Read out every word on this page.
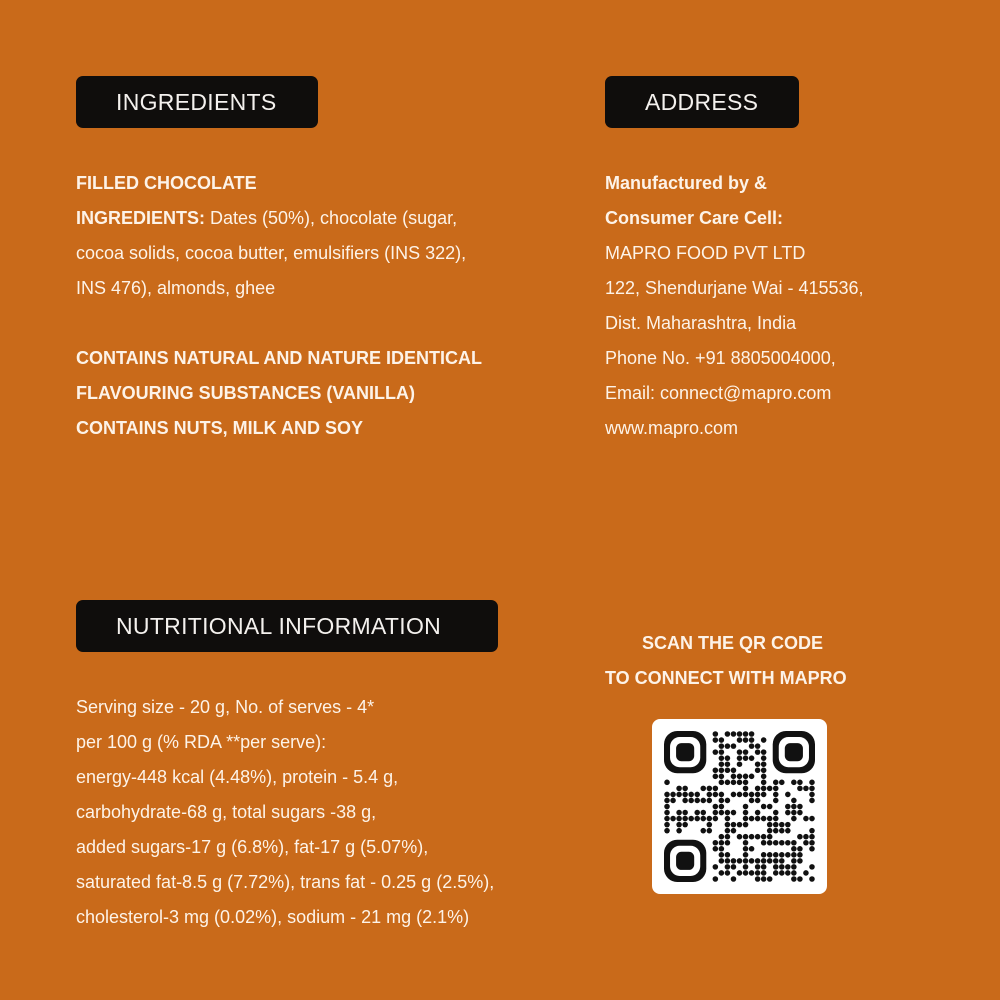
INGREDIENTS
FILLED CHOCOLATE
INGREDIENTS: Dates (50%), chocolate (sugar,
cocoa solids, cocoa butter, emulsifiers (INS 322),
INS 476), almonds, ghee
CONTAINS NATURAL AND NATURE IDENTICAL
FLAVOURING SUBSTANCES (VANILLA)
CONTAINS NUTS, MILK AND SOY
ADDRESS
Manufactured by &
Consumer Care Cell:
MAPRO FOOD PVT LTD
122, Shendurjane Wai - 415536,
Dist. Maharashtra, India
Phone No. +91 8805004000,
Email: connect@mapro.com
www.mapro.com
NUTRITIONAL INFORMATION
Serving size - 20 g, No. of serves - 4*
per 100 g (% RDA **per serve):
energy-448 kcal (4.48%), protein - 5.4 g,
carbohydrate-68 g, total sugars -38 g,
added sugars-17 g (6.8%), fat-17 g (5.07%),
saturated fat-8.5 g (7.72%), trans fat - 0.25 g (2.5%),
cholesterol-3 mg (0.02%), sodium - 21 mg (2.1%)
SCAN THE QR CODE
TO CONNECT WITH MAPRO
